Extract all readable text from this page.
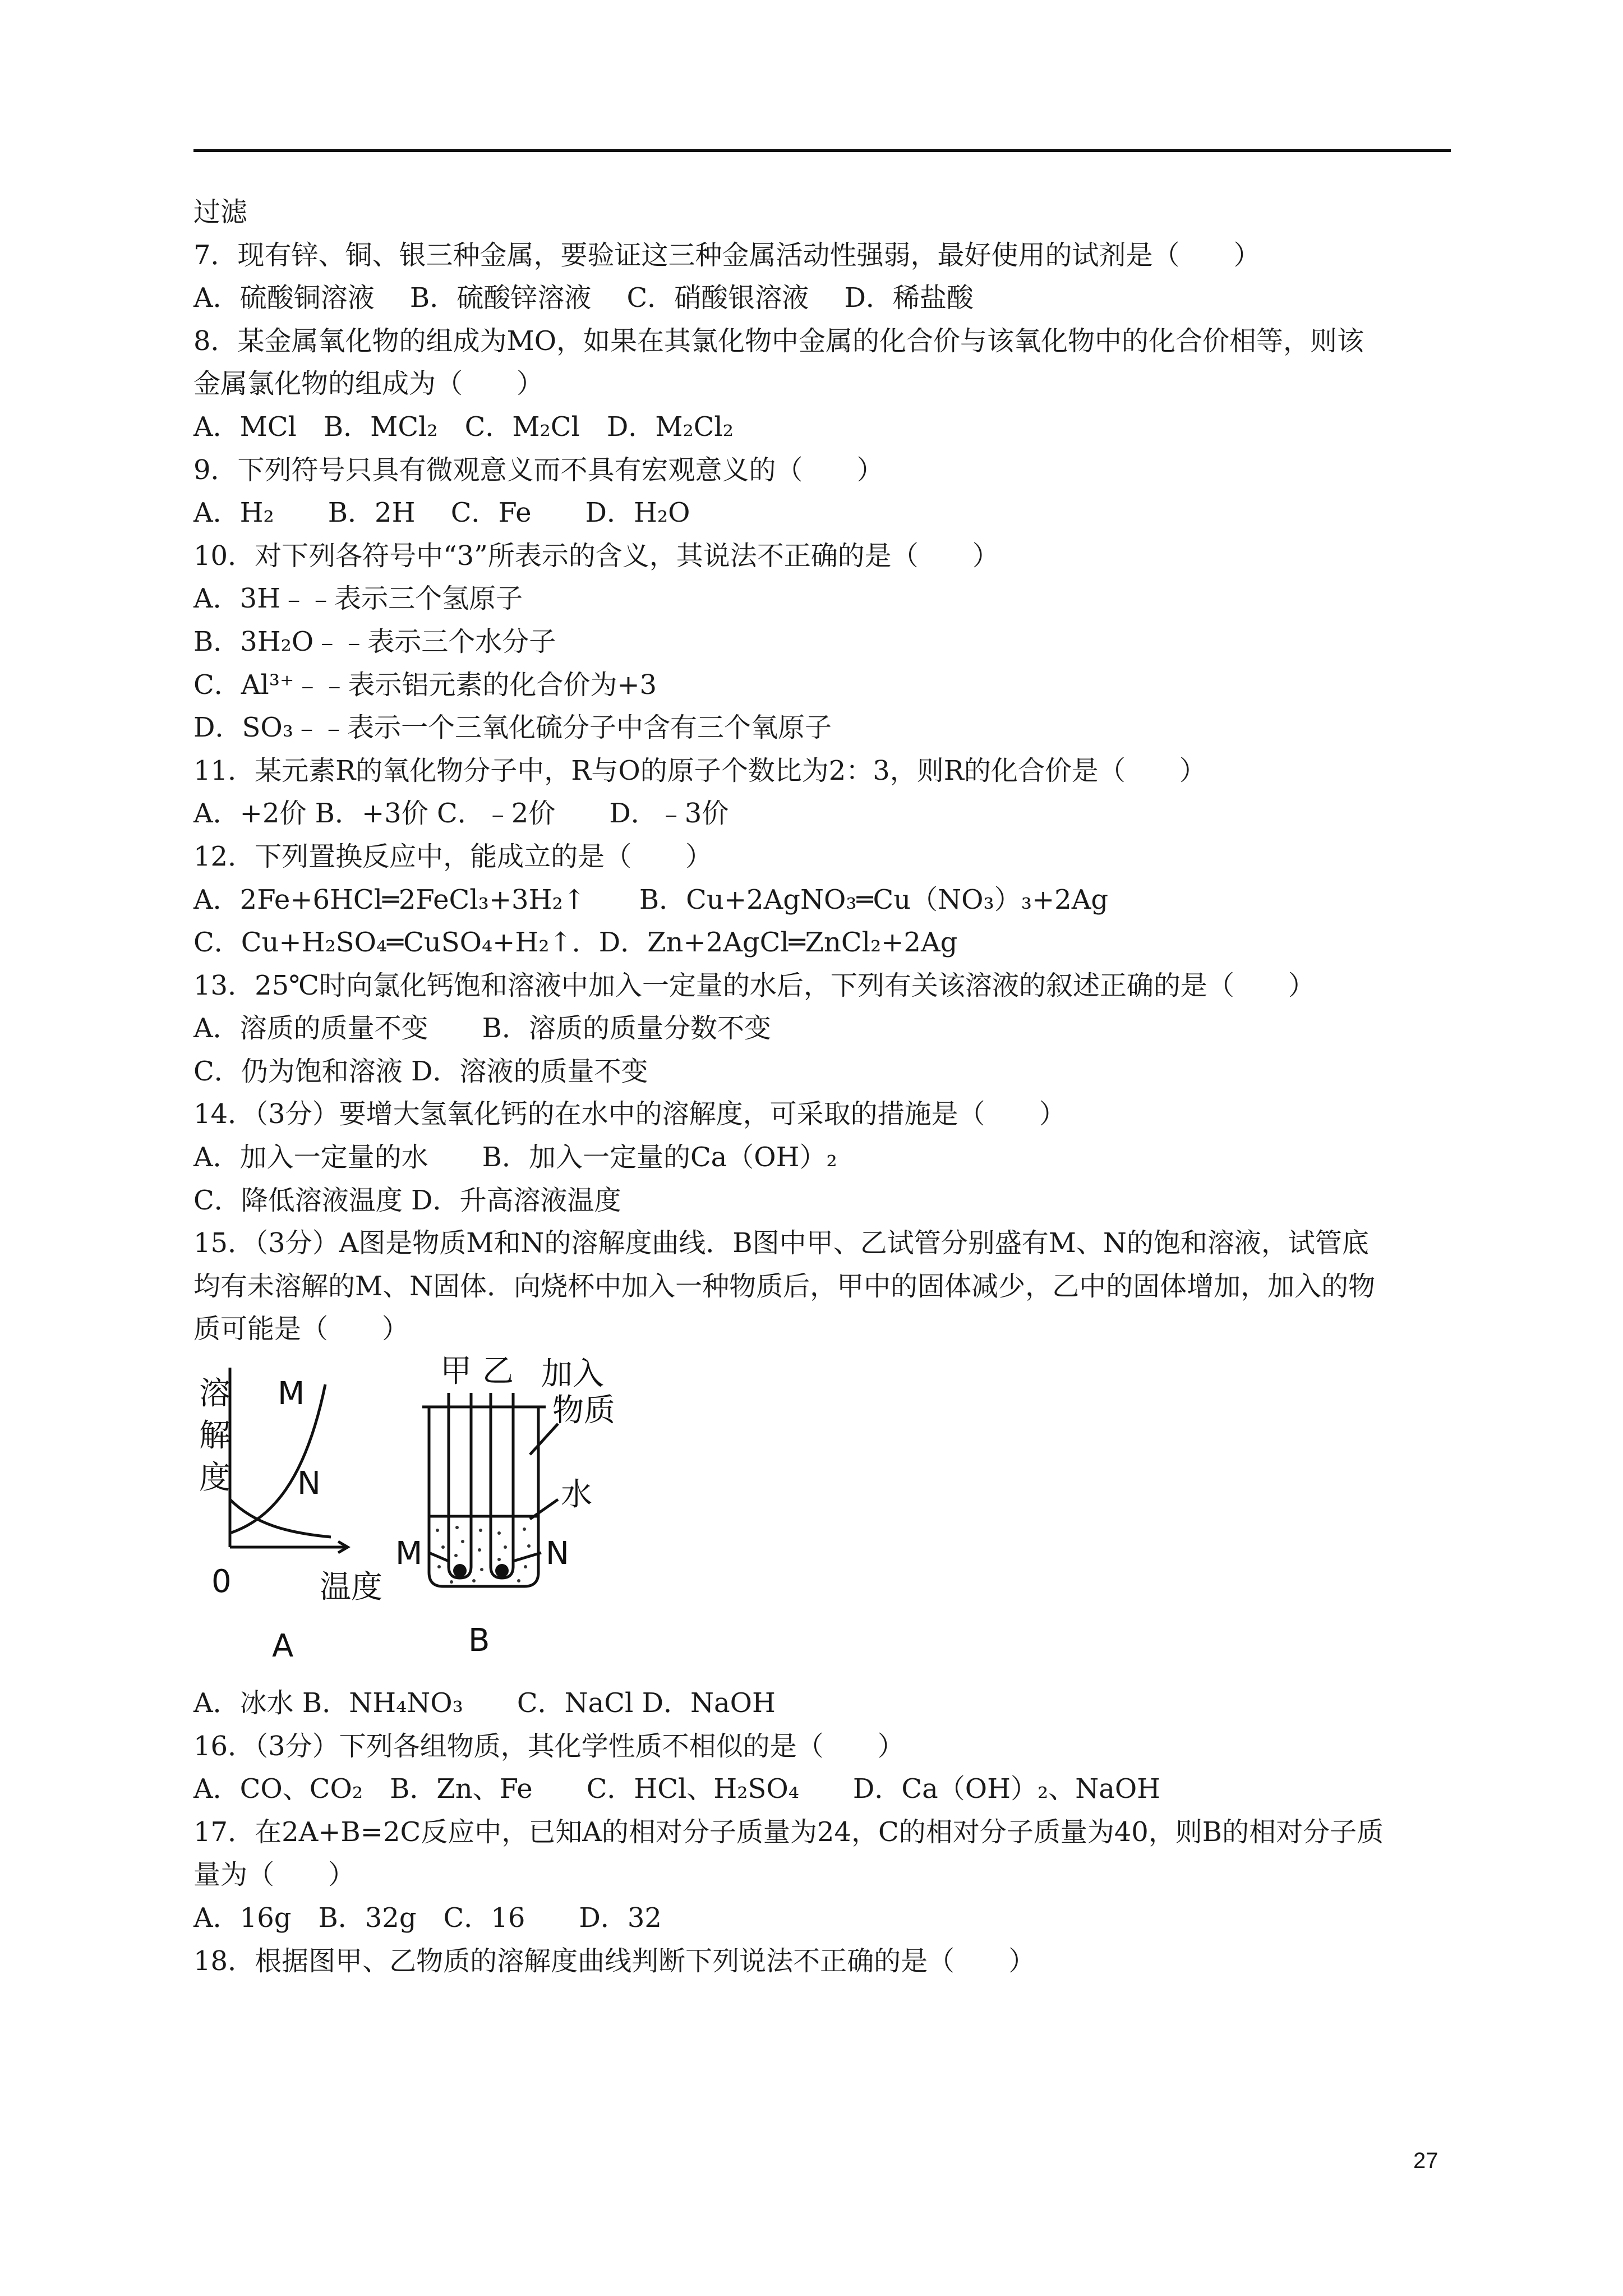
过滤
7．现有锌、铜、银三种金属，要验证这三种金属活动性强弱，最好使用的试剂是（　　）
A．硫酸铜溶液　 B．硫酸锌溶液　 C．硝酸银溶液　 D．稀盐酸
8．某金属氧化物的组成为MO，如果在其氯化物中金属的化合价与该氧化物中的化合价相等，则该
金属氯化物的组成为（　　）
A．MCl　B．MCl₂　C．M₂Cl　D．M₂Cl₂
9．下列符号只具有微观意义而不具有宏观意义的（　　）
A．H₂　　B．2H　 C．Fe　　D．H₂O
10．对下列各符号中“3”所表示的含义，其说法不正确的是（　　）
A．3H﹣﹣表示三个氢原子
B．3H₂O﹣﹣表示三个水分子
C．Al³⁺﹣﹣表示铝元素的化合价为+3
D．SO₃﹣﹣表示一个三氧化硫分子中含有三个氧原子
11．某元素R的氧化物分子中，R与O的原子个数比为2：3，则R的化合价是（　　）
A．+2价 B．+3价 C．﹣2价　　D．﹣3价
12．下列置换反应中，能成立的是（　　）
A．2Fe+6HCl═2FeCl₃+3H₂↑　　B．Cu+2AgNO₃═Cu（NO₃）₃+2Ag
C．Cu+H₂SO₄═CuSO₄+H₂↑．D．Zn+2AgCl═ZnCl₂+2Ag
13．25℃时向氯化钙饱和溶液中加入一定量的水后，下列有关该溶液的叙述正确的是（　　）
A．溶质的质量不变　　B．溶质的质量分数不变
C．仍为饱和溶液 D．溶液的质量不变
14．（3分）要增大氢氧化钙的在水中的溶解度，可采取的措施是（　　）
A．加入一定量的水　　B．加入一定量的Ca（OH）₂
C．降低溶液温度 D．升高溶液温度
15．（3分）A图是物质M和N的溶解度曲线．B图中甲、乙试管分别盛有M、N的饱和溶液，试管底
均有未溶解的M、N固体．向烧杯中加入一种物质后，甲中的固体减少，乙中的固体增加，加入的物
质可能是（　　）
溶
解
度
M
N
0	温度
A
甲 乙 加入
物质
水
M	N
B
A．冰水 B．NH₄NO₃　　C．NaCl D．NaOH
16．（3分）下列各组物质，其化学性质不相似的是（　　）
A．CO、CO₂　B．Zn、Fe　　C．HCl、H₂SO₄　　D．Ca（OH）₂、NaOH
17．在2A+B=2C反应中，已知A的相对分子质量为24，C的相对分子质量为40，则B的相对分子质
量为（　　）
A．16g　B．32g　C．16　　D．32
18．根据图甲、乙物质的溶解度曲线判断下列说法不正确的是（　　）
27
